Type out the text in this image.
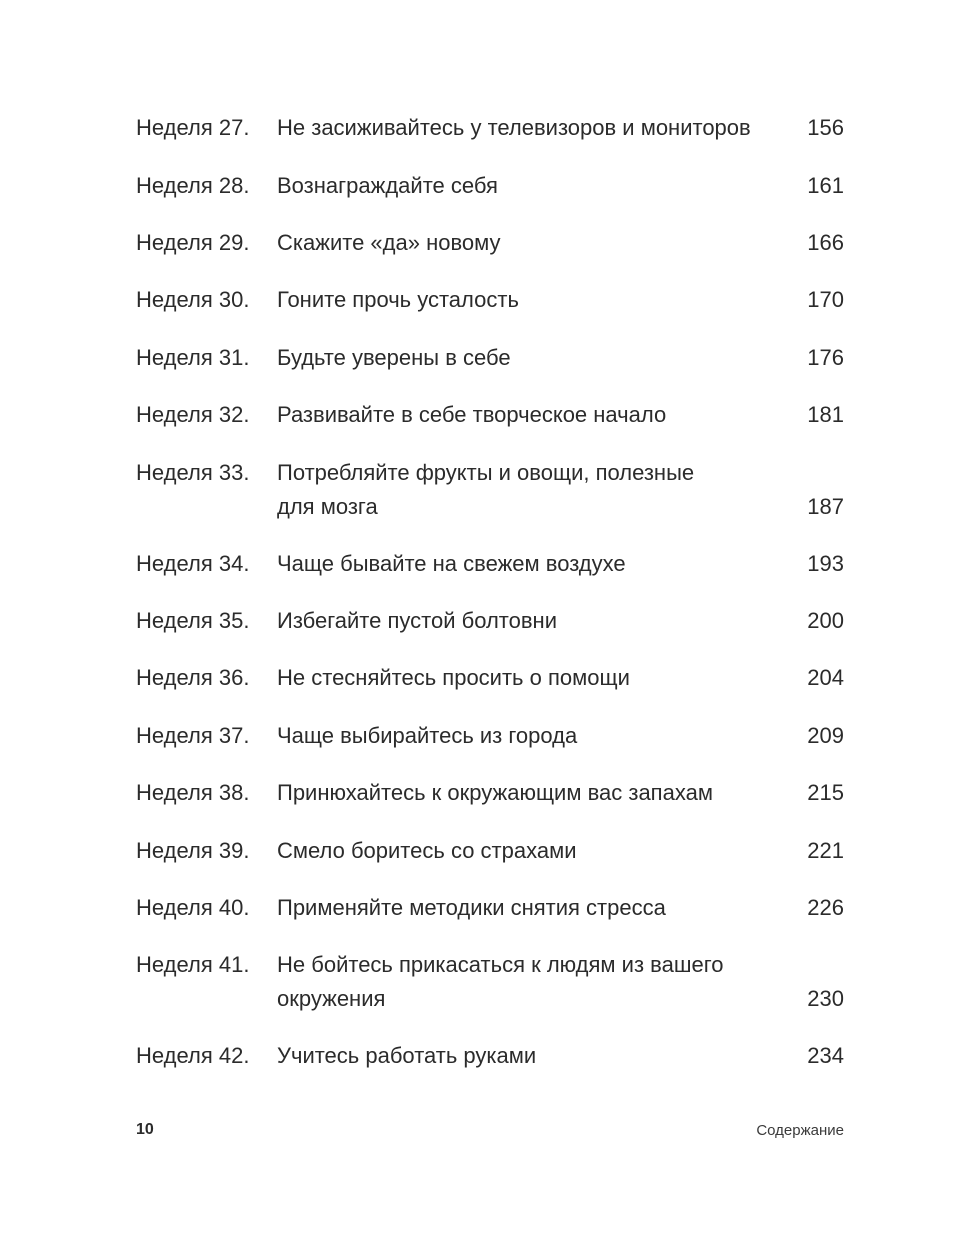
Неделя 27. Не засиживайтесь у телевизоров и мониторов	156
Неделя 28. Вознаграждайте себя	161
Неделя 29. Скажите «да» новому	166
Неделя 30. Гоните прочь усталость	170
Неделя 31. Будьте уверены в себе	176
Неделя 32. Развивайте в себе творческое начало	181
Неделя 33. Потребляйте фрукты и овощи, полезные
для мозга	187
Неделя 34. Чаще бывайте на свежем воздухе	193
Неделя 35. Избегайте пустой болтовни	200
Неделя 36. Не стесняйтесь просить о помощи	204
Неделя 37. Чаще выбирайтесь из города	209
Неделя 38. Принюхайтесь к окружающим вас запахам	215
Неделя 39. Смело боритесь со страхами	221
Неделя 40. Применяйте методики снятия стресса	226
Неделя 41. Не бойтесь прикасаться к людям из вашего
окружения	230
Неделя 42. Учитесь работать руками	234
10	Содержание
